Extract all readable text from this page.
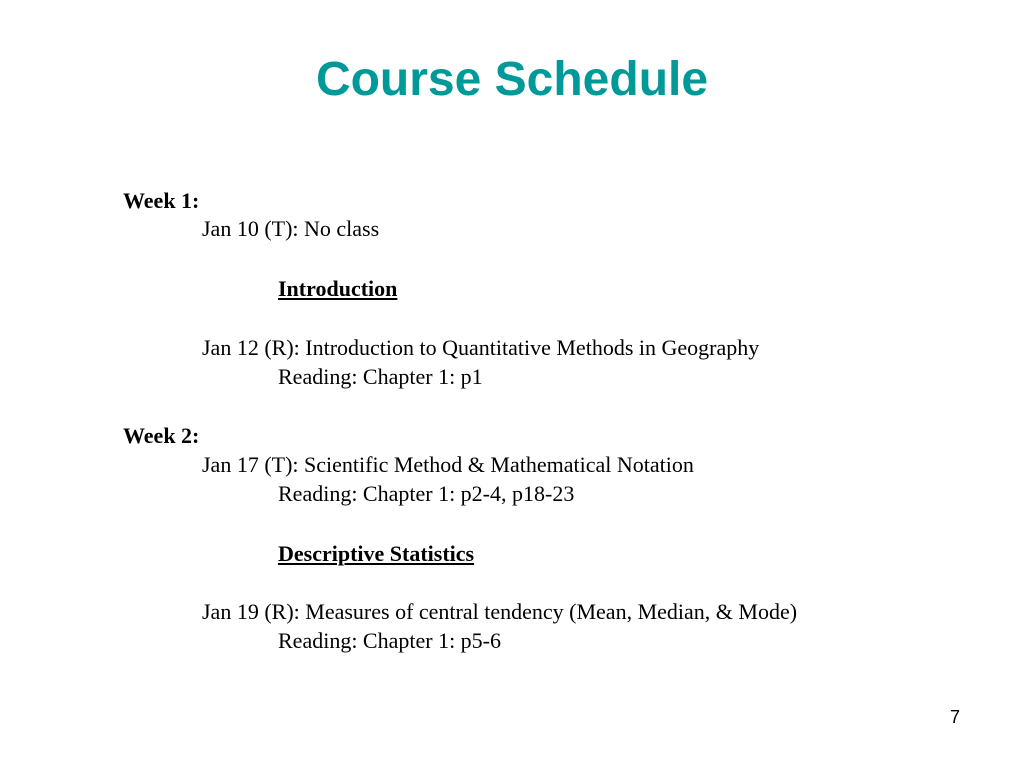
Course Schedule
Week 1:
Jan 10 (T): No class
Introduction
Jan 12 (R): Introduction to Quantitative Methods in Geography
Reading: Chapter 1: p1
Week 2:
Jan 17 (T): Scientific Method & Mathematical Notation
Reading: Chapter 1: p2-4, p18-23
Descriptive Statistics
Jan 19 (R): Measures of central tendency (Mean, Median, & Mode)
Reading: Chapter 1: p5-6
7
